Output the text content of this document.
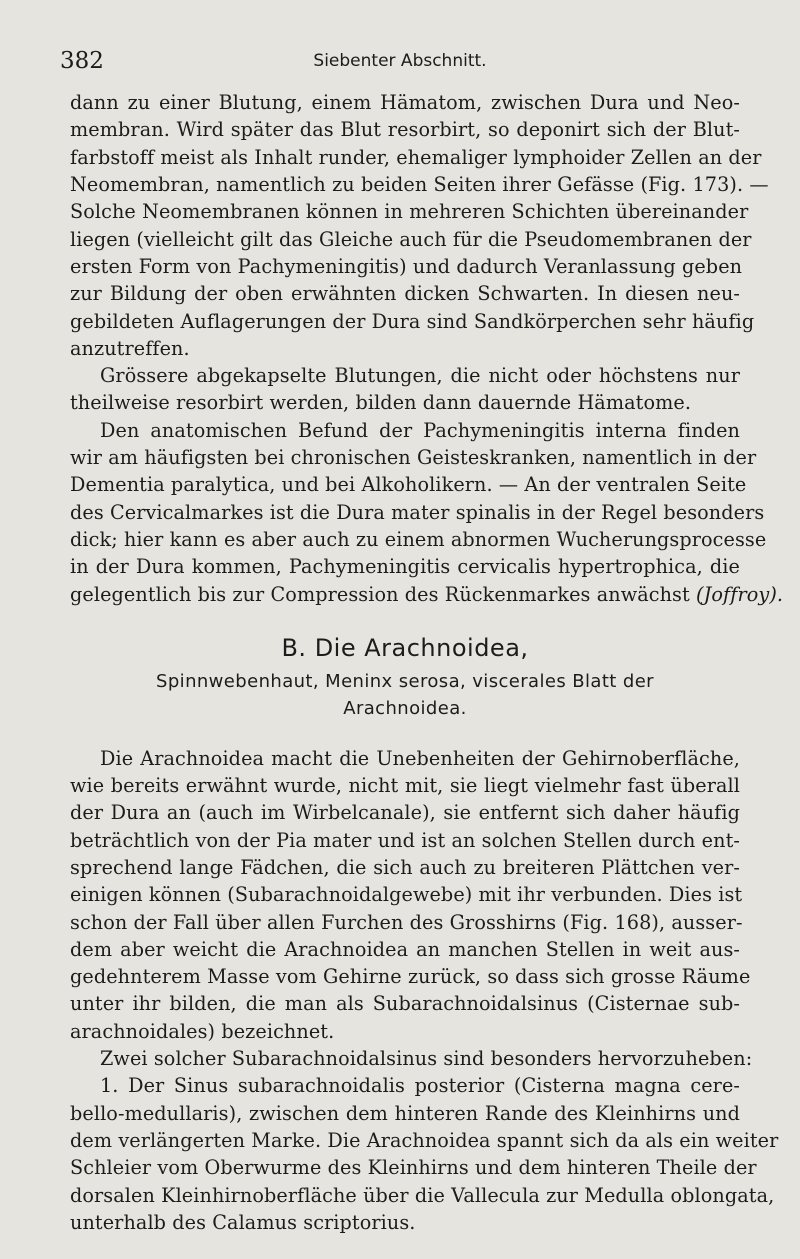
382	Siebenter Abschnitt.
dann zu einer Blutung, einem Hämatom, zwischen Dura und Neo-
membran. Wird später das Blut resorbirt, so deponirt sich der Blut-
farbstoff meist als Inhalt runder, ehemaliger lymphoider Zellen an der
Neomembran, namentlich zu beiden Seiten ihrer Gefässe (Fig. 173). —
Solche Neomembranen können in mehreren Schichten übereinander
liegen (vielleicht gilt das Gleiche auch für die Pseudomembranen der
ersten Form von Pachymeningitis) und dadurch Veranlassung geben
zur Bildung der oben erwähnten dicken Schwarten. In diesen neu-
gebildeten Auflagerungen der Dura sind Sandkörperchen sehr häufig
anzutreffen.
Grössere abgekapselte Blutungen, die nicht oder höchstens nur
theilweise resorbirt werden, bilden dann dauernde Hämatome.
Den anatomischen Befund der Pachymeningitis interna finden
wir am häufigsten bei chronischen Geisteskranken, namentlich in der
Dementia paralytica, und bei Alkoholikern. — An der ventralen Seite
des Cervicalmarkes ist die Dura mater spinalis in der Regel besonders
dick; hier kann es aber auch zu einem abnormen Wucherungsprocesse
in der Dura kommen, Pachymeningitis cervicalis hypertrophica, die
gelegentlich bis zur Compression des Rückenmarkes anwächst (Joffroy).
B. Die Arachnoidea,
Spinnwebenhaut, Meninx serosa, viscerales Blatt der
Arachnoidea.
Die Arachnoidea macht die Unebenheiten der Gehirnoberfläche,
wie bereits erwähnt wurde, nicht mit, sie liegt vielmehr fast überall
der Dura an (auch im Wirbelcanale), sie entfernt sich daher häufig
beträchtlich von der Pia mater und ist an solchen Stellen durch ent-
sprechend lange Fädchen, die sich auch zu breiteren Plättchen ver-
einigen können (Subarachnoidalgewebe) mit ihr verbunden. Dies ist
schon der Fall über allen Furchen des Grosshirns (Fig. 168), ausser-
dem aber weicht die Arachnoidea an manchen Stellen in weit aus-
gedehnterem Masse vom Gehirne zurück, so dass sich grosse Räume
unter ihr bilden, die man als Subarachnoidalsinus (Cisternae sub-
arachnoidales) bezeichnet.
Zwei solcher Subarachnoidalsinus sind besonders hervorzuheben:
1. Der Sinus subarachnoidalis posterior (Cisterna magna cere-
bello-medullaris), zwischen dem hinteren Rande des Kleinhirns und
dem verlängerten Marke. Die Arachnoidea spannt sich da als ein weiter
Schleier vom Oberwurme des Kleinhirns und dem hinteren Theile der
dorsalen Kleinhirnoberfläche über die Vallecula zur Medulla oblongata,
unterhalb des Calamus scriptorius.
